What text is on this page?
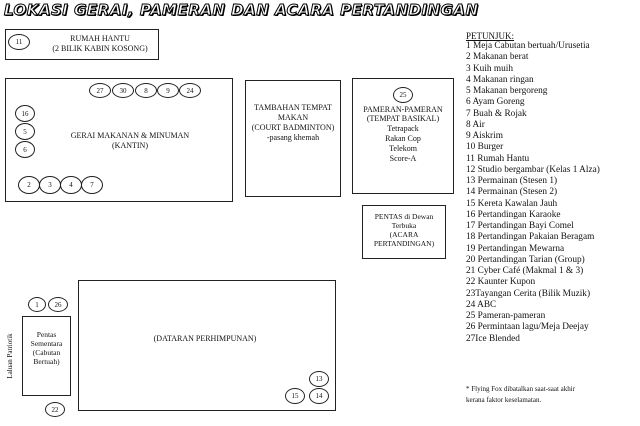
LOKASI GERAI, PAMERAN DAN ACARA PERTANDINGAN
11	RUMAH HANTU
(2 BILIK KABIN KOSONG)
GERAI MAKANAN & MINUMAN
(KANTIN)
27	30	8	9	24
16
5
6
2	3	4	7
TAMBAHAN TEMPAT
MAKAN
(COURT BADMINTON)
-pasang khemah
25
PAMERAN-PAMERAN
(TEMPAT BASIKAL)
Tetrapack
Rakan Cop
Telekom
Score-A
PENTAS di Dewan
Terbuka
(ACARA
PERTANDINGAN)
1	26
Pentas
Sementara
(Cabutan
Bertuah)
22
Laluan Patriotik	(DATARAN PERHIMPUNAN)
13
15	14
PETUNJUK:
1 Meja Cabutan bertuah/Urusetia
2 Makanan berat
3 Kuih muih
4 Makanan ringan
5 Makanan bergoreng
6 Ayam Goreng
7 Buah & Rojak
8 Air
9 Aiskrim
10 Burger
11 Rumah Hantu
12 Studio bergambar (Kelas 1 Alza)
13 Permainan (Stesen 1)
14 Permainan (Stesen 2)
15 Kereta Kawalan Jauh
16 Pertandingan Karaoke
17 Pertandingan Bayi Comel
18 Pertandingan Pakaian Beragam
19 Pertandingan Mewarna
20 Pertandingan Tarian (Group)
21 Cyber Café (Makmal 1 & 3)
22 Kaunter Kupon
23Tayangan Cerita (Bilik Muzik)
24 ABC
25 Pameran-pameran
26 Permintaan lagu/Meja Deejay
27Ice Blended
* Flying Fox dibatalkan saat-saat akhir
kerana faktor keselamatan.
